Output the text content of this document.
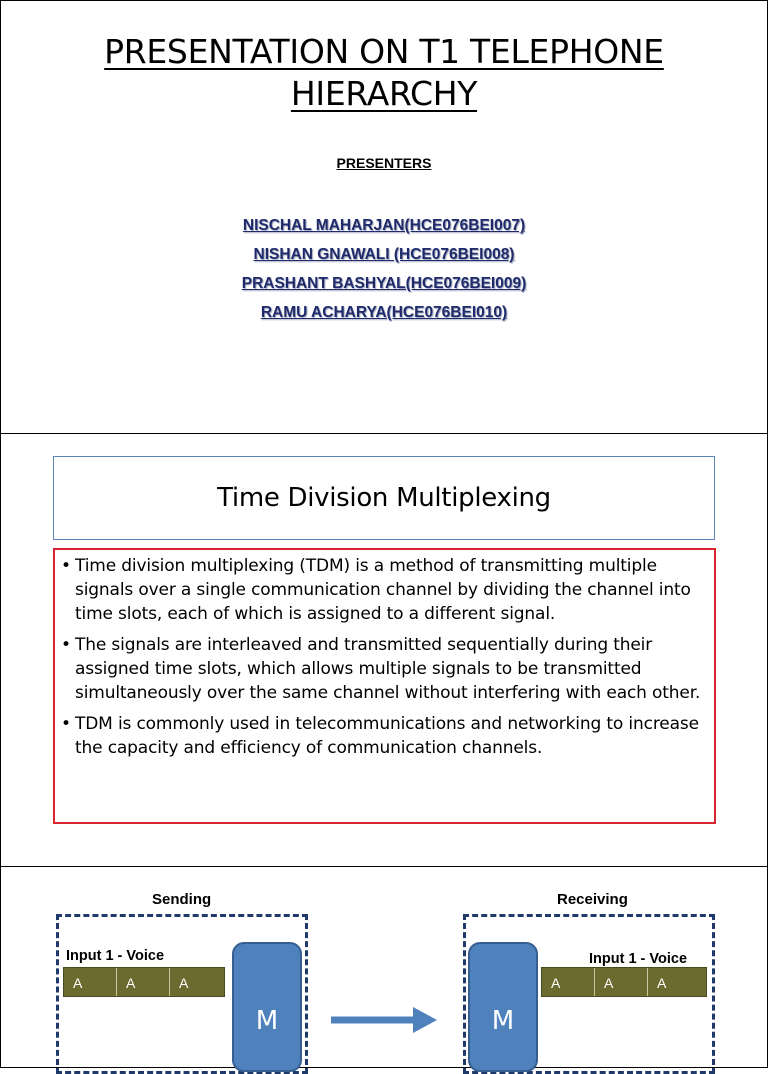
PRESENTATION ON T1 TELEPHONE
HIERARCHY
PRESENTERS
NISCHAL MAHARJAN(HCE076BEI007)
NISHAN GNAWALI (HCE076BEI008)
PRASHANT BASHYAL(HCE076BEI009)
RAMU ACHARYA(HCE076BEI010)
Time Division Multiplexing
• Time division multiplexing (TDM) is a method of transmitting multiple signals over a single communication channel by dividing the channel into time slots, each of which is assigned to a different signal.
• The signals are interleaved and transmitted sequentially during their assigned time slots, which allows multiple signals to be transmitted simultaneously over the same channel without interfering with each other.
• TDM is commonly used in telecommunications and networking to increase the capacity and efficiency of communication channels.
Sending	Receiving
Input 1 - Voice	Input 1 - Voice
A	A	A	A	A	A
M	M
